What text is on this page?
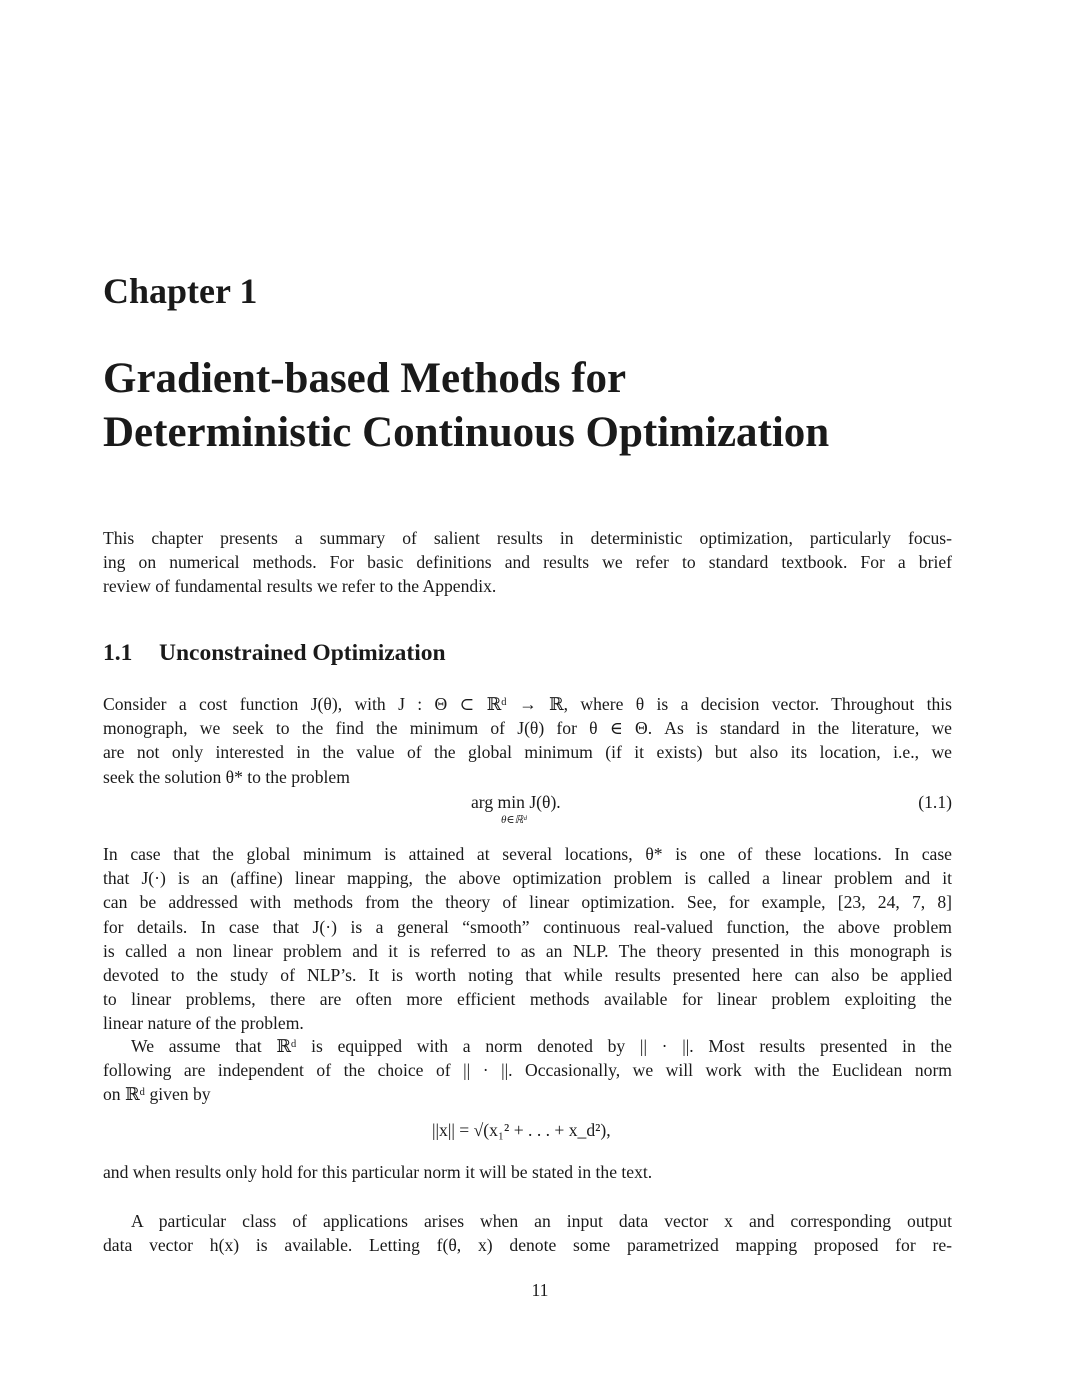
Chapter 1
Gradient-based Methods for
Deterministic Continuous Optimization
This chapter presents a summary of salient results in deterministic optimization, particularly focus-
ing on numerical methods. For basic definitions and results we refer to standard textbook. For a brief
review of fundamental results we refer to the Appendix.
1.1 Unconstrained Optimization
Consider a cost function J(θ), with J : Θ ⊂ ℝᵈ → ℝ, where θ is a decision vector. Throughout this
monograph, we seek to the find the minimum of J(θ) for θ ∈ Θ. As is standard in the literature, we
are not only interested in the value of the global minimum (if it exists) but also its location, i.e., we
seek the solution θ* to the problem
arg min J(θ).
θ∈ℝᵈ
(1.1)
In case that the global minimum is attained at several locations, θ* is one of these locations. In case
that J(·) is an (affine) linear mapping, the above optimization problem is called a linear problem and it
can be addressed with methods from the theory of linear optimization. See, for example, [23, 24, 7, 8]
for details. In case that J(·) is a general “smooth” continuous real-valued function, the above problem
is called a non linear problem and it is referred to as an NLP. The theory presented in this monograph is
devoted to the study of NLP’s. It is worth noting that while results presented here can also be applied
to linear problems, there are often more efficient methods available for linear problem exploiting the
linear nature of the problem.
We assume that ℝᵈ is equipped with a norm denoted by || · ||. Most results presented in the
following are independent of the choice of || · ||. Occasionally, we will work with the Euclidean norm
on ℝᵈ given by
||x|| = √(x₁² + . . . + x_d²),
and when results only hold for this particular norm it will be stated in the text.
A particular class of applications arises when an input data vector x and corresponding output
data vector h(x) is available. Letting f(θ, x) denote some parametrized mapping proposed for re-
11
